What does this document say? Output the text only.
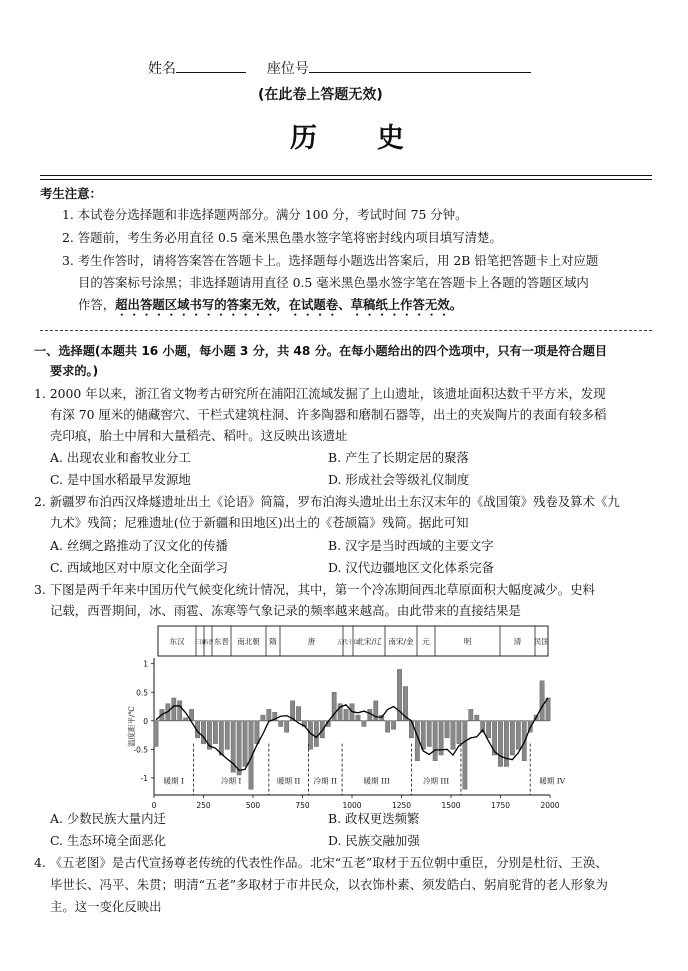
姓名	座位号
(在此卷上答题无效)
历　　史
考生注意：
1. 本试卷分选择题和非选择题两部分。满分 100 分，考试时间 75 分钟。
2. 答题前，考生务必用直径 0.5 毫米黑色墨水签字笔将密封线内项目填写清楚。
3. 考生作答时，请将答案答在答题卡上。选择题每小题选出答案后，用 2B 铅笔把答题卡上对应题
目的答案标号涂黑；非选择题请用直径 0.5 毫米黑色墨水签字笔在答题卡上各题的答题区域内
作答，超出答题区域书写的答案无效，在试题卷、草稿纸上作答无效。
一、选择题(本题共 16 小题，每小题 3 分，共 48 分。在每小题给出的四个选项中，只有一项是符合题目
要求的。)
1. 2000 年以来，浙江省文物考古研究所在浦阳江流域发掘了上山遗址，该遗址面积达数千平方米，发现
有深 70 厘米的储藏窖穴、干栏式建筑柱洞、许多陶器和磨制石器等，出土的夹炭陶片的表面有较多稻
壳印痕，胎土中屑和大量稻壳、稻叶。这反映出该遗址
A. 出现农业和畜牧业分工	B. 产生了长期定居的聚落
C. 是中国水稻最早发源地	D. 形成社会等级礼仪制度
2. 新疆罗布泊西汉烽燧遗址出土《论语》简篇，罗布泊海头遗址出土东汉末年的《战国策》残卷及算术《九
九术》残简；尼雅遗址(位于新疆和田地区)出土的《苍颉篇》残简。据此可知
A. 丝绸之路推动了汉文化的传播	B. 汉字是当时西域的主要文字
C. 西域地区对中原文化全面学习	D. 汉代边疆地区文化体系完备
3. 下图是两千年来中国历代气候变化统计情况，其中，第一个冷冻期间西北草原面积大幅度减少。史料
记载，西晋期间，冰、雨雹、冻寒等气象记录的频率越来越高。由此带来的直接结果是
东汉 三国
西晋 东晋 南北朝 隋	唐	五代十国
北宋/辽 南宋/金 元	明	清 民国
1
0.5
0
-0.5
-1
0	250	500	750	1000	1250	1500	1750	2000
温度距平/℃
暖期 I	冷期 I	暖期 II 冷期 II	暖期 III	冷期 III	暖期 IV
A. 少数民族大量内迁	B. 政权更迭频繁
C. 生态环境全面恶化	D. 民族交融加强
4. 《五老图》是古代宣扬尊老传统的代表性作品。北宋“五老”取材于五位朝中重臣，分别是杜衍、王涣、
毕世长、冯平、朱贯；明清“五老”多取材于市井民众，以衣饰朴素、须发皓白、躬肩驼背的老人形象为
主。这一变化反映出
